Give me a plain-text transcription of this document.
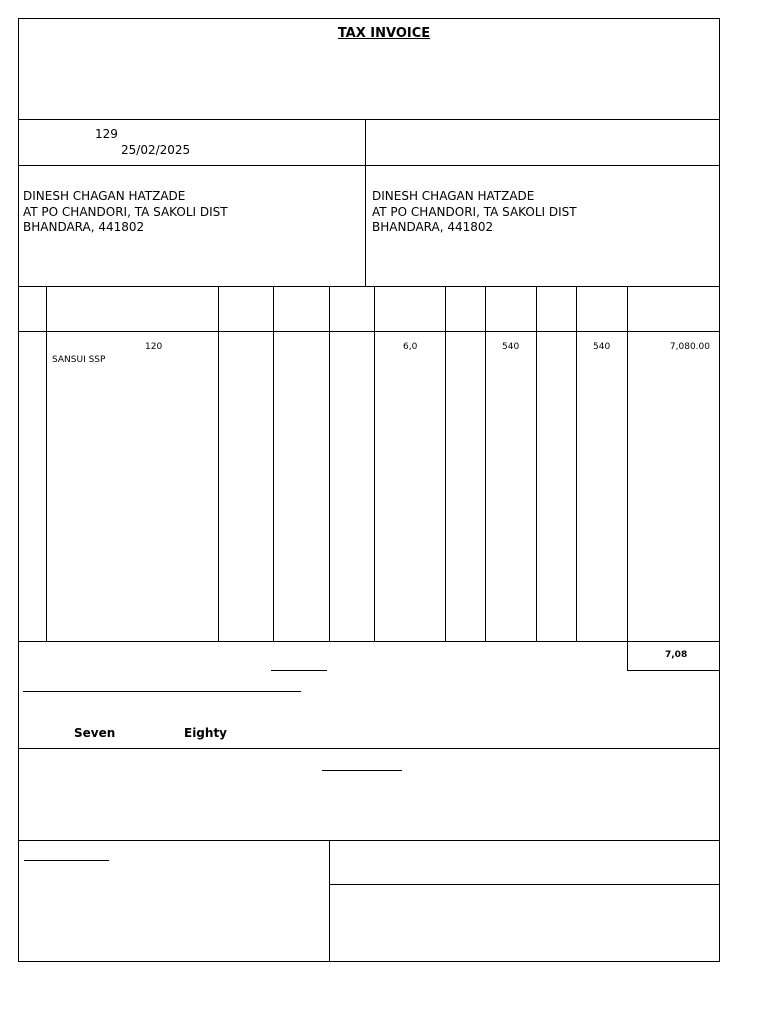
TAX INVOICE
129
25/02/2025
DINESH CHAGAN HATZADE
AT PO CHANDORI, TA SAKOLI DIST
BHANDARA, 441802
DINESH CHAGAN HATZADE
AT PO CHANDORI, TA SAKOLI DIST
BHANDARA, 441802
120
SANSUI SSP
6,0	540	540	7,080.00
7,08
Seven	Eighty
